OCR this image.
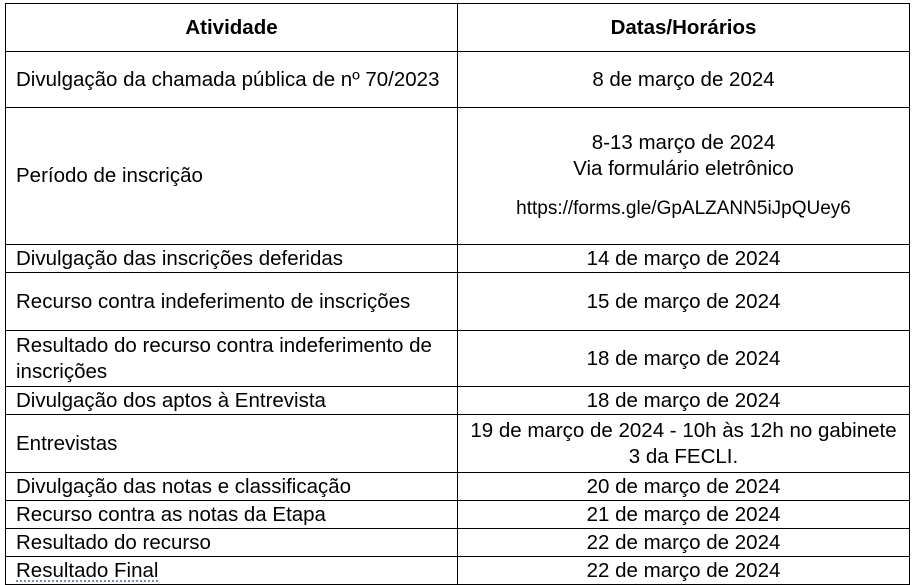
Atividade	Datas/Horários
Divulgação da chamada pública de nº 70/2023	8 de março de 2024
Período de inscrição	8-13 março de 2024
Via formulário eletrônico
https://forms.gle/GpALZANN5iJpQUey6

Divulgação das inscrições deferidas	14 de março de 2024
Recurso contra indeferimento de inscrições	15 de março de 2024
Resultado do recurso contra indeferimento de inscrições	18 de março de 2024
Divulgação dos aptos à Entrevista	18 de março de 2024
Entrevistas	19 de março de 2024 - 10h às 12h no gabinete 3 da FECLI.
Divulgação das notas e classificação	20 de março de 2024
Recurso contra as notas da Etapa	21 de março de 2024
Resultado do recurso	22 de março de 2024
Resultado Final	22 de março de 2024
